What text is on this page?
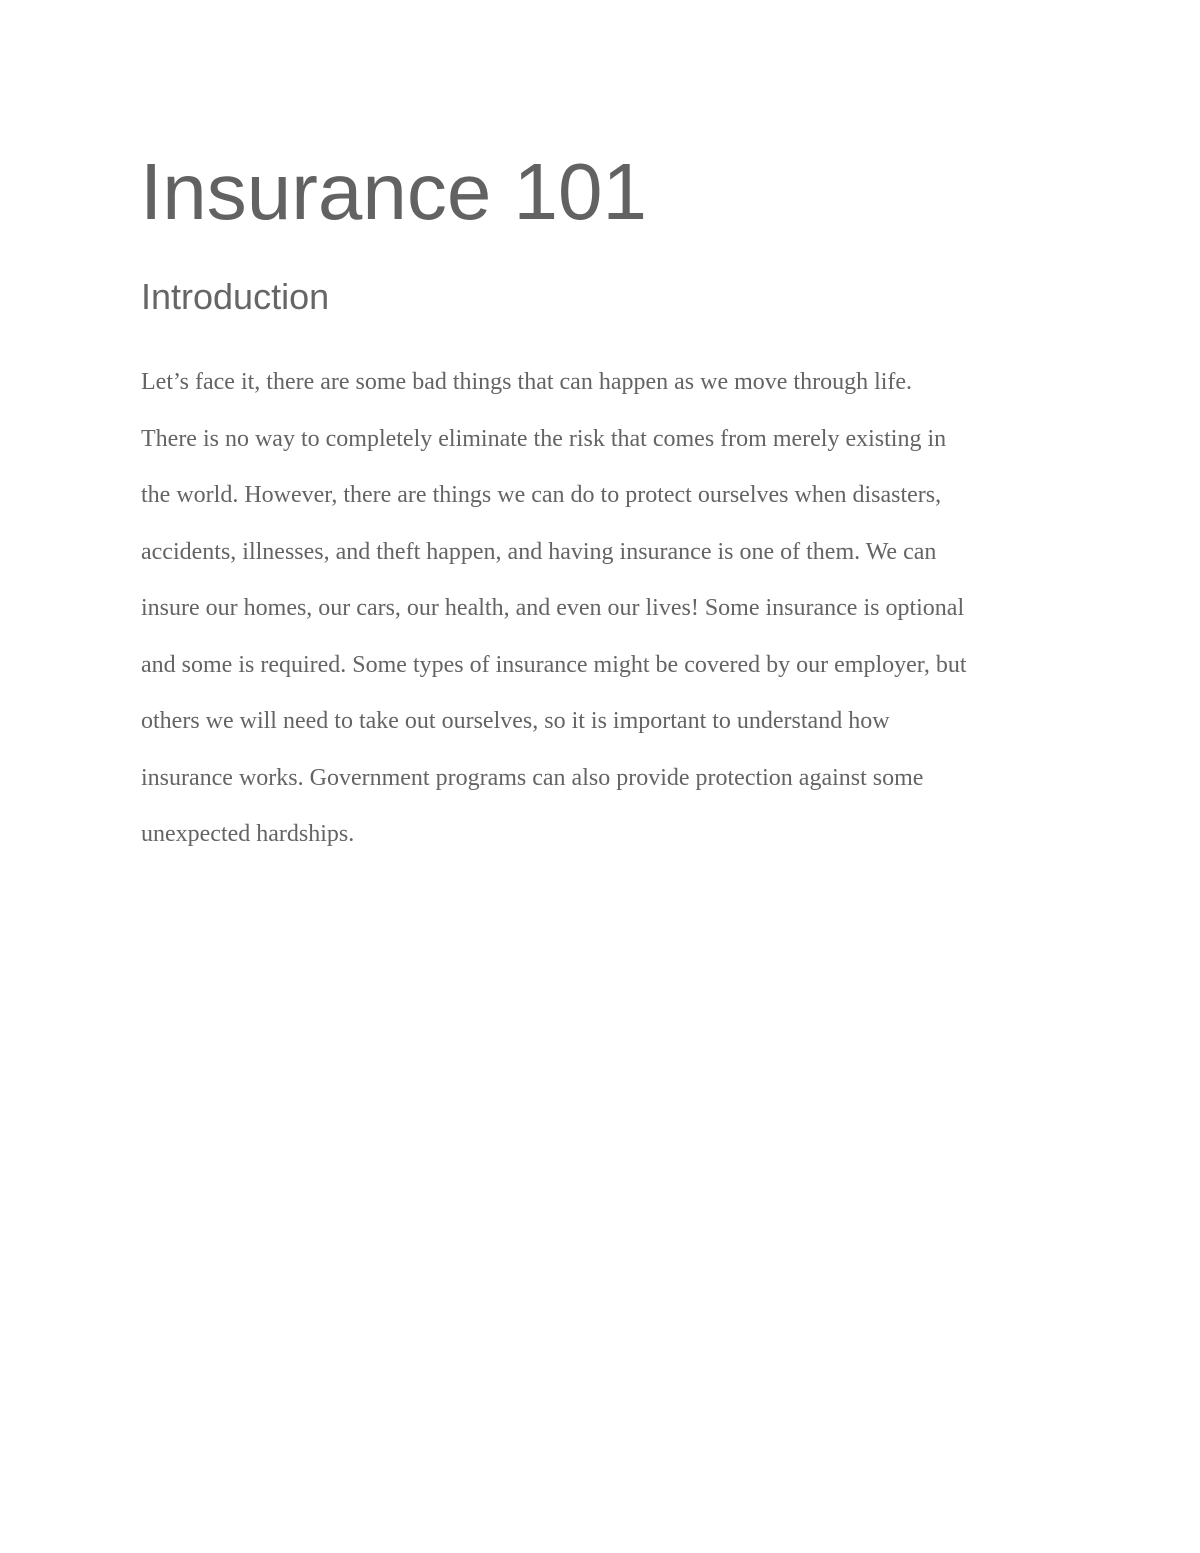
Insurance 101
Introduction
Let’s face it, there are some bad things that can happen as we move through life.
There is no way to completely eliminate the risk that comes from merely existing in
the world. However, there are things we can do to protect ourselves when disasters,
accidents, illnesses, and theft happen, and having insurance is one of them. We can
insure our homes, our cars, our health, and even our lives! Some insurance is optional
and some is required. Some types of insurance might be covered by our employer, but
others we will need to take out ourselves, so it is important to understand how
insurance works. Government programs can also provide protection against some
unexpected hardships.
